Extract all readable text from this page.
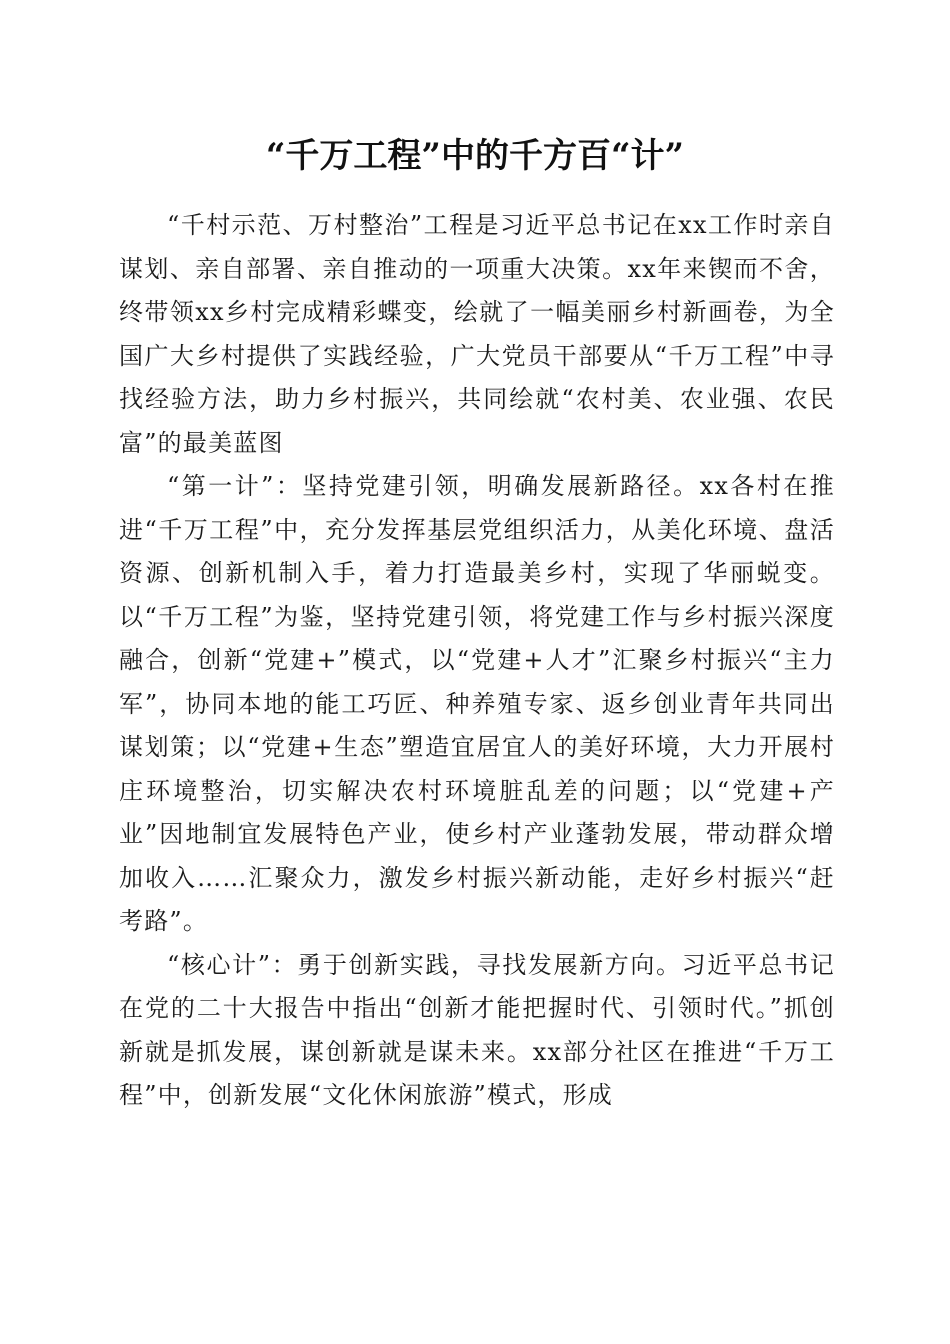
“千万工程”中的千方百“计”

“千村示范、万村整治”工程是习近平总书记在xx工作时亲自谋划、亲自部署、亲自推动的一项重大决策。xx年来锲而不舍，终带领xx乡村完成精彩蝶变，绘就了一幅美丽乡村新画卷，为全国广大乡村提供了实践经验，广大党员干部要从“千万工程”中寻找经验方法，助力乡村振兴，共同绘就“农村美、农业强、农民富”的最美蓝图

“第一计”：坚持党建引领，明确发展新路径。xx各村在推进“千万工程”中，充分发挥基层党组织活力，从美化环境、盘活资源、创新机制入手，着力打造最美乡村，实现了华丽蜕变。以“千万工程”为鉴，坚持党建引领，将党建工作与乡村振兴深度融合，创新“党建+”模式，以“党建+人才”汇聚乡村振兴“主力军”，协同本地的能工巧匠、种养殖专家、返乡创业青年共同出谋划策；以“党建+生态”塑造宜居宜人的美好环境，大力开展村庄环境整治，切实解决农村环境脏乱差的问题；以“党建+产业”因地制宜发展特色产业，使乡村产业蓬勃发展，带动群众增加收入……汇聚众力，激发乡村振兴新动能，走好乡村振兴“赶考路”。

“核心计”：勇于创新实践，寻找发展新方向。习近平总书记在党的二十大报告中指出“创新才能把握时代、引领时代。”抓创新就是抓发展，谋创新就是谋未来。xx部分社区在推进“千万工程”中，创新发展“文化休闲旅游”模式，形成
